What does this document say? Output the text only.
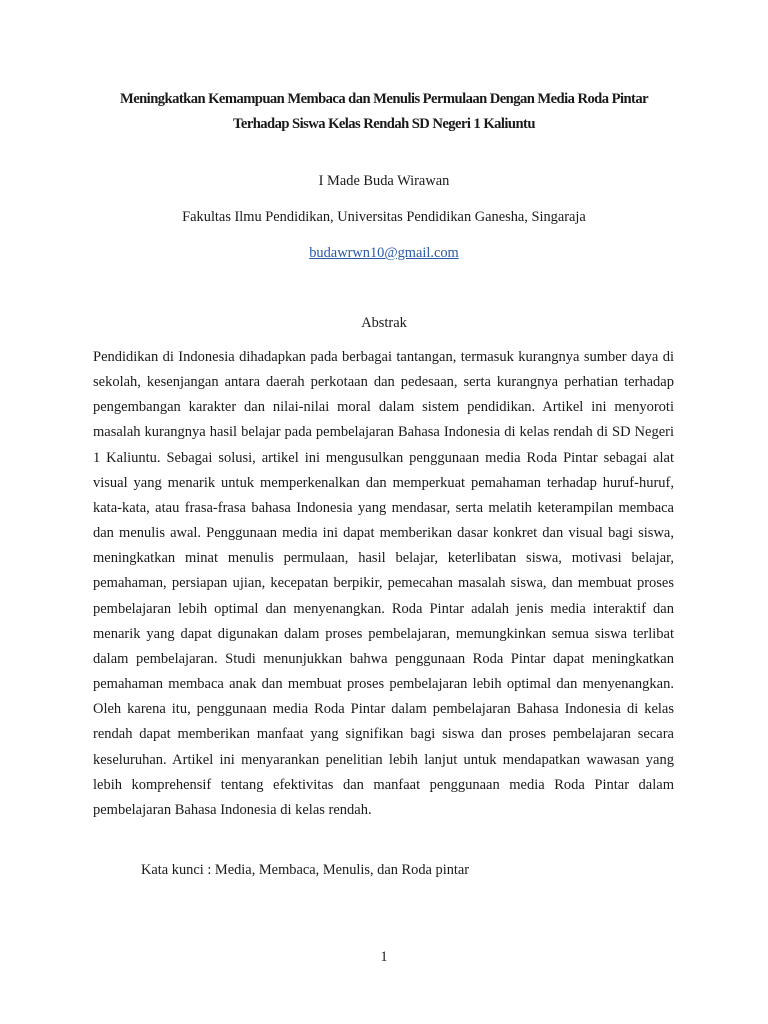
Meningkatkan Kemampuan Membaca dan Menulis Permulaan Dengan Media Roda Pintar
Terhadap Siswa Kelas Rendah SD Negeri 1 Kaliuntu
I Made Buda Wirawan
Fakultas Ilmu Pendidikan, Universitas Pendidikan Ganesha, Singaraja
budawrwn10@gmail.com
Abstrak

Pendidikan di Indonesia dihadapkan pada berbagai tantangan, termasuk kurangnya sumber daya di sekolah, kesenjangan antara daerah perkotaan dan pedesaan, serta kurangnya perhatian terhadap pengembangan karakter dan nilai-nilai moral dalam sistem pendidikan. Artikel ini menyoroti masalah kurangnya hasil belajar pada pembelajaran Bahasa Indonesia di kelas rendah di SD Negeri 1 Kaliuntu. Sebagai solusi, artikel ini mengusulkan penggunaan media Roda Pintar sebagai alat visual yang menarik untuk memperkenalkan dan memperkuat pemahaman terhadap huruf-huruf, kata-kata, atau frasa-frasa bahasa Indonesia yang mendasar, serta melatih keterampilan membaca dan menulis awal. Penggunaan media ini dapat memberikan dasar konkret dan visual bagi siswa, meningkatkan minat menulis permulaan, hasil belajar, keterlibatan siswa, motivasi belajar, pemahaman, persiapan ujian, kecepatan berpikir, pemecahan masalah siswa, dan membuat proses pembelajaran lebih optimal dan menyenangkan. Roda Pintar adalah jenis media interaktif dan menarik yang dapat digunakan dalam proses pembelajaran, memungkinkan semua siswa terlibat dalam pembelajaran. Studi menunjukkan bahwa penggunaan Roda Pintar dapat meningkatkan pemahaman membaca anak dan membuat proses pembelajaran lebih optimal dan menyenangkan. Oleh karena itu, penggunaan media Roda Pintar dalam pembelajaran Bahasa Indonesia di kelas rendah dapat memberikan manfaat yang signifikan bagi siswa dan proses pembelajaran secara keseluruhan. Artikel ini menyarankan penelitian lebih lanjut untuk mendapatkan wawasan yang lebih komprehensif tentang efektivitas dan manfaat penggunaan media Roda Pintar dalam pembelajaran Bahasa Indonesia di kelas rendah.

Kata kunci : Media, Membaca, Menulis, dan Roda pintar
1
